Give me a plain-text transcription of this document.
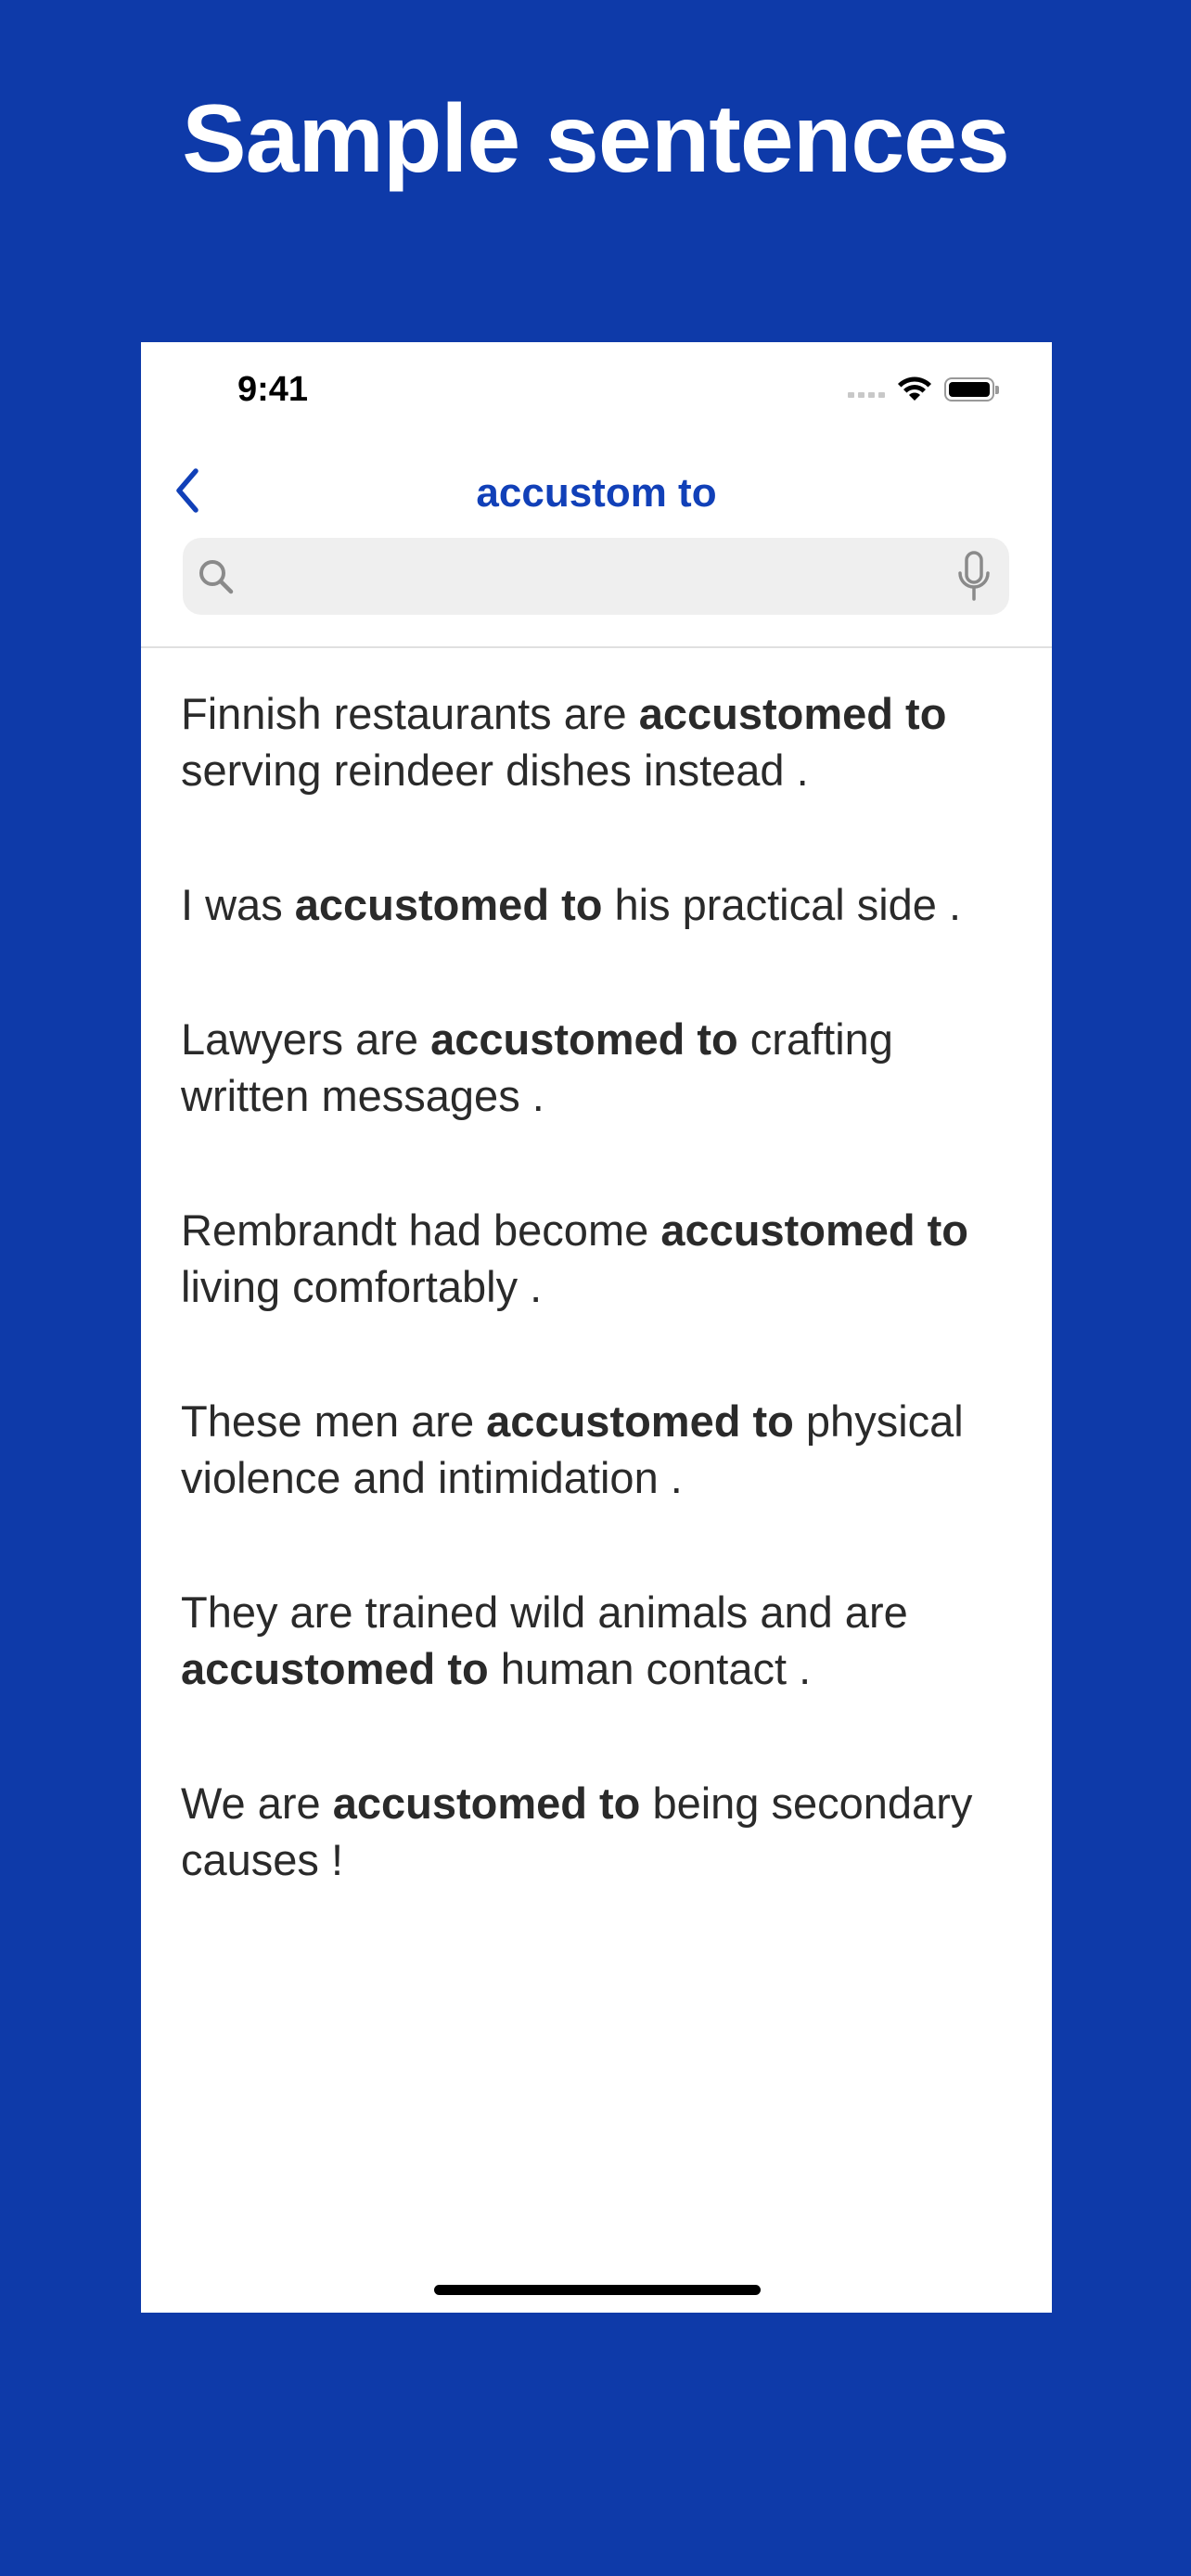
Sample sentences
9:41
accustom to

Finnish restaurants are accustomed to serving reindeer dishes instead .

I was accustomed to his practical side .

Lawyers are accustomed to crafting written messages .

Rembrandt had become accustomed to living comfortably .

These men are accustomed to physical violence and intimidation .

They are trained wild animals and are accustomed to human contact .

We are accustomed to being secondary causes !
